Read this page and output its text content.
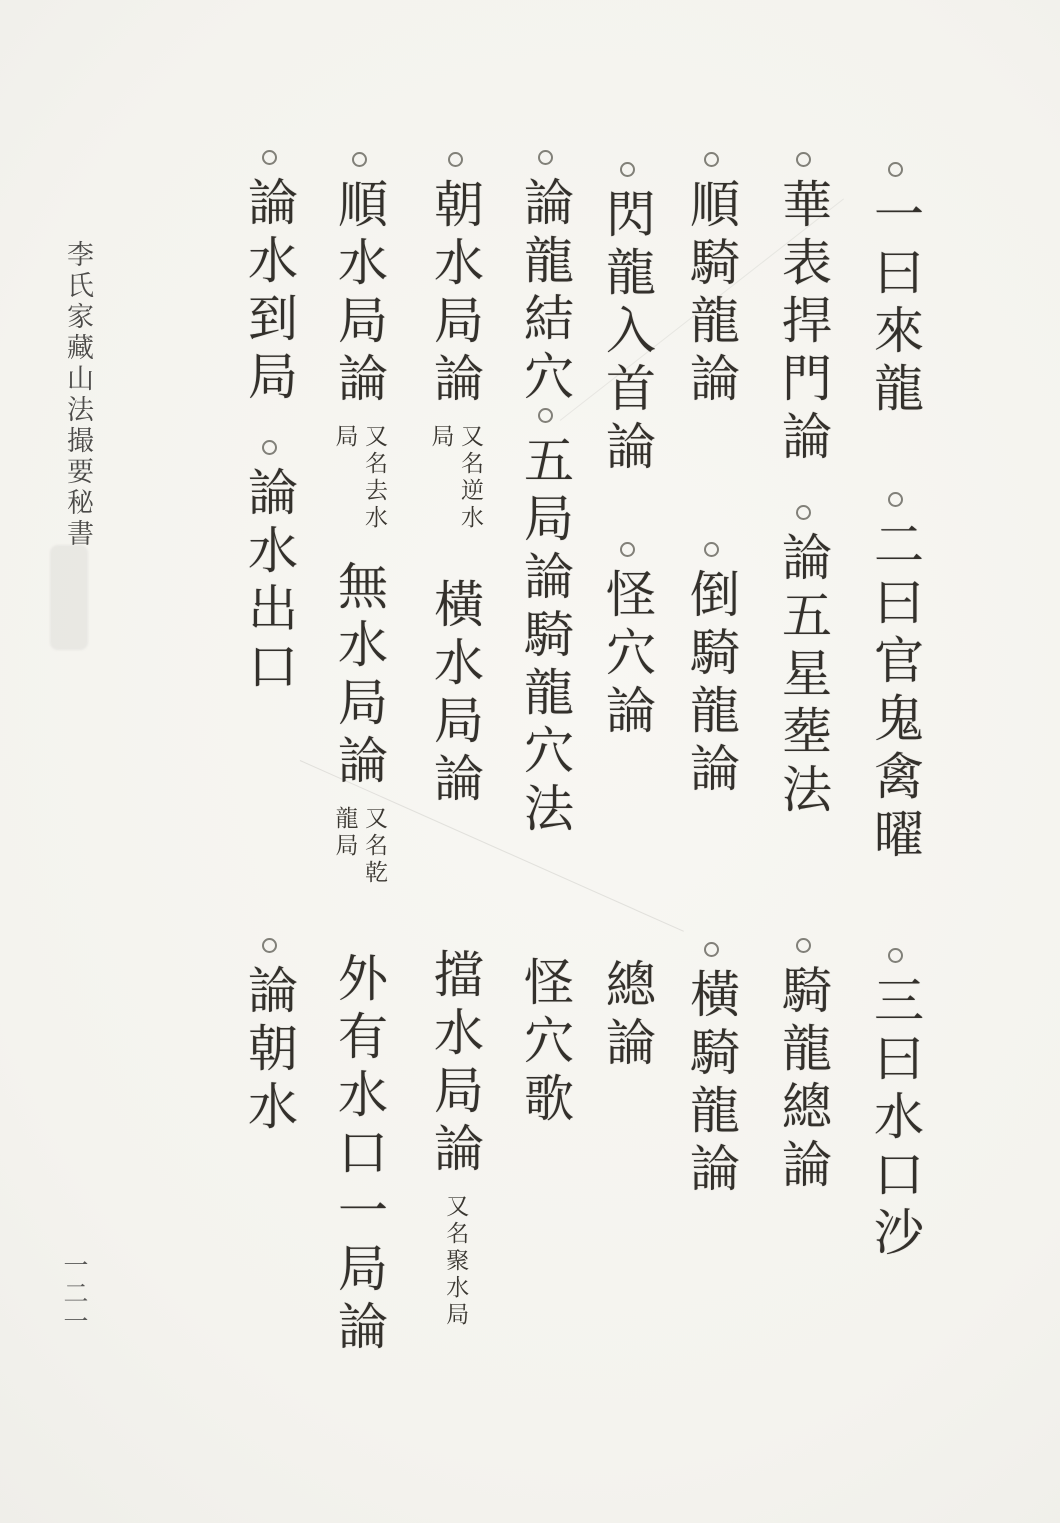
李氏家藏山法撮要秘書
一二一
一曰來龍
二曰官鬼禽曜
三曰水口沙
華表捍門論
論五星塟法
騎龍總論
順騎龍論
倒騎龍論
橫騎龍論
閃龍入首論
怪穴論
總論
論龍結穴
五局論騎龍穴法
怪穴歌
朝水局論
又名逆水
局
橫水局論
擋水局論
又名聚水局
順水局論
又名去水
局
無水局論
又名乾
龍局
外有水口一局論
論水到局
論水出口
論朝水
